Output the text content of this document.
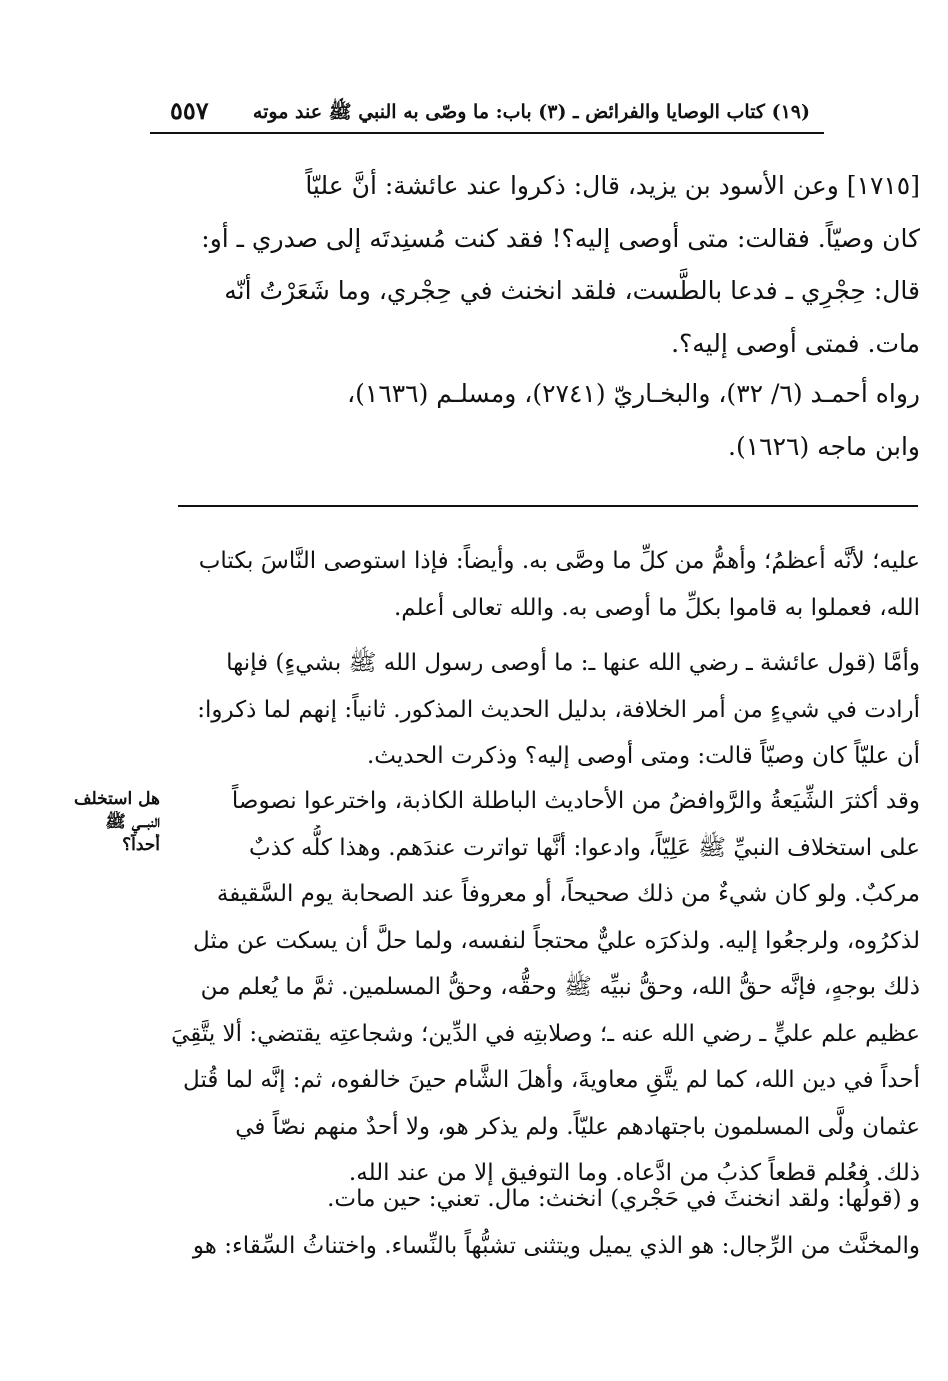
(١٩) كتاب الوصايا والفرائض ـ (٣) باب: ما وصّى به النبي ﷺ عند موته
٥٥٧
[١٧١٥] وعن الأسود بن يزيد، قال: ذكروا عند عائشة: أنَّ عليّاً
كان وصيّاً. فقالت: متى أوصى إليه؟! فقد كنت مُسنِدتَه إلى صدري ـ أو:
قال: حِجْرِي ـ فدعا بالطَّست، فلقد انخنث في حِجْري، وما شَعَرْتُ أنّه
مات. فمتى أوصى إليه؟.
رواه أحمـد (٦/ ٣٢)، والبخـاريّ (٢٧٤١)، ومسلـم (١٦٣٦)،
وابن ماجه (١٦٢٦).
عليه؛ لأنَّه أعظمُ؛ وأهمُّ من كلِّ ما وصَّى به. وأيضاً: فإذا استوصى النَّاسَ بكتاب
الله، فعملوا به قاموا بكلِّ ما أوصى به. والله تعالى أعلم.
وأمَّا (قول عائشة ـ رضي الله عنها ـ: ما أوصى رسول الله ﷺ بشيءٍ) فإنها
أرادت في شيءٍ من أمر الخلافة، بدليل الحديث المذكور. ثانياً: إنهم لما ذكروا:
أن عليّاً كان وصيّاً قالت: ومتى أوصى إليه؟ وذكرت الحديث.
وقد أكثرَ الشِّيَعةُ والرَّوافضُ من الأحاديث الباطلة الكاذبة، واخترعوا نصوصاً
على استخلاف النبيِّ ﷺ عَلِيّاً، وادعوا: أنَّها تواترت عندَهم. وهذا كلُّه كذبٌ
مركبٌ. ولو كان شيءٌ من ذلك صحيحاً، أو معروفاً عند الصحابة يوم السَّقيفة
لذكرُوه، ولرجعُوا إليه. ولذكرَه عليٌّ محتجاً لنفسه، ولما حلَّ أن يسكت عن مثل
ذلك بوجهٍ، فإنَّه حقُّ الله، وحقُّ نبيِّه ﷺ وحقُّه، وحقُّ المسلمين. ثمَّ ما يُعلم من
عظيم علم عليٍّ ـ رضي الله عنه ـ؛ وصلابتِه في الدِّين؛ وشجاعتِه يقتضي: ألا يتَّقِيَ
أحداً في دين الله، كما لم يتَّقِ معاويةَ، وأهلَ الشَّام حينَ خالفوه، ثم: إنَّه لما قُتل
عثمان ولَّى المسلمون باجتهادهم عليّاً. ولم يذكر هو، ولا أحدٌ منهم نصّاً في
ذلك. فعُلم قطعاً كذبُ من ادَّعاه. وما التوفيق إلا من عند الله.
و (قولُها: ولقد انخنثَ في حَجْري) انخنث: مال. تعني: حين مات.
والمخنَّث من الرِّجال: هو الذي يميل ويتثنى تشبُّهاً بالنِّساء. واختناثُ السِّقاء: هو
هل استخلف
النبـــي ﷺ
أحداً؟
